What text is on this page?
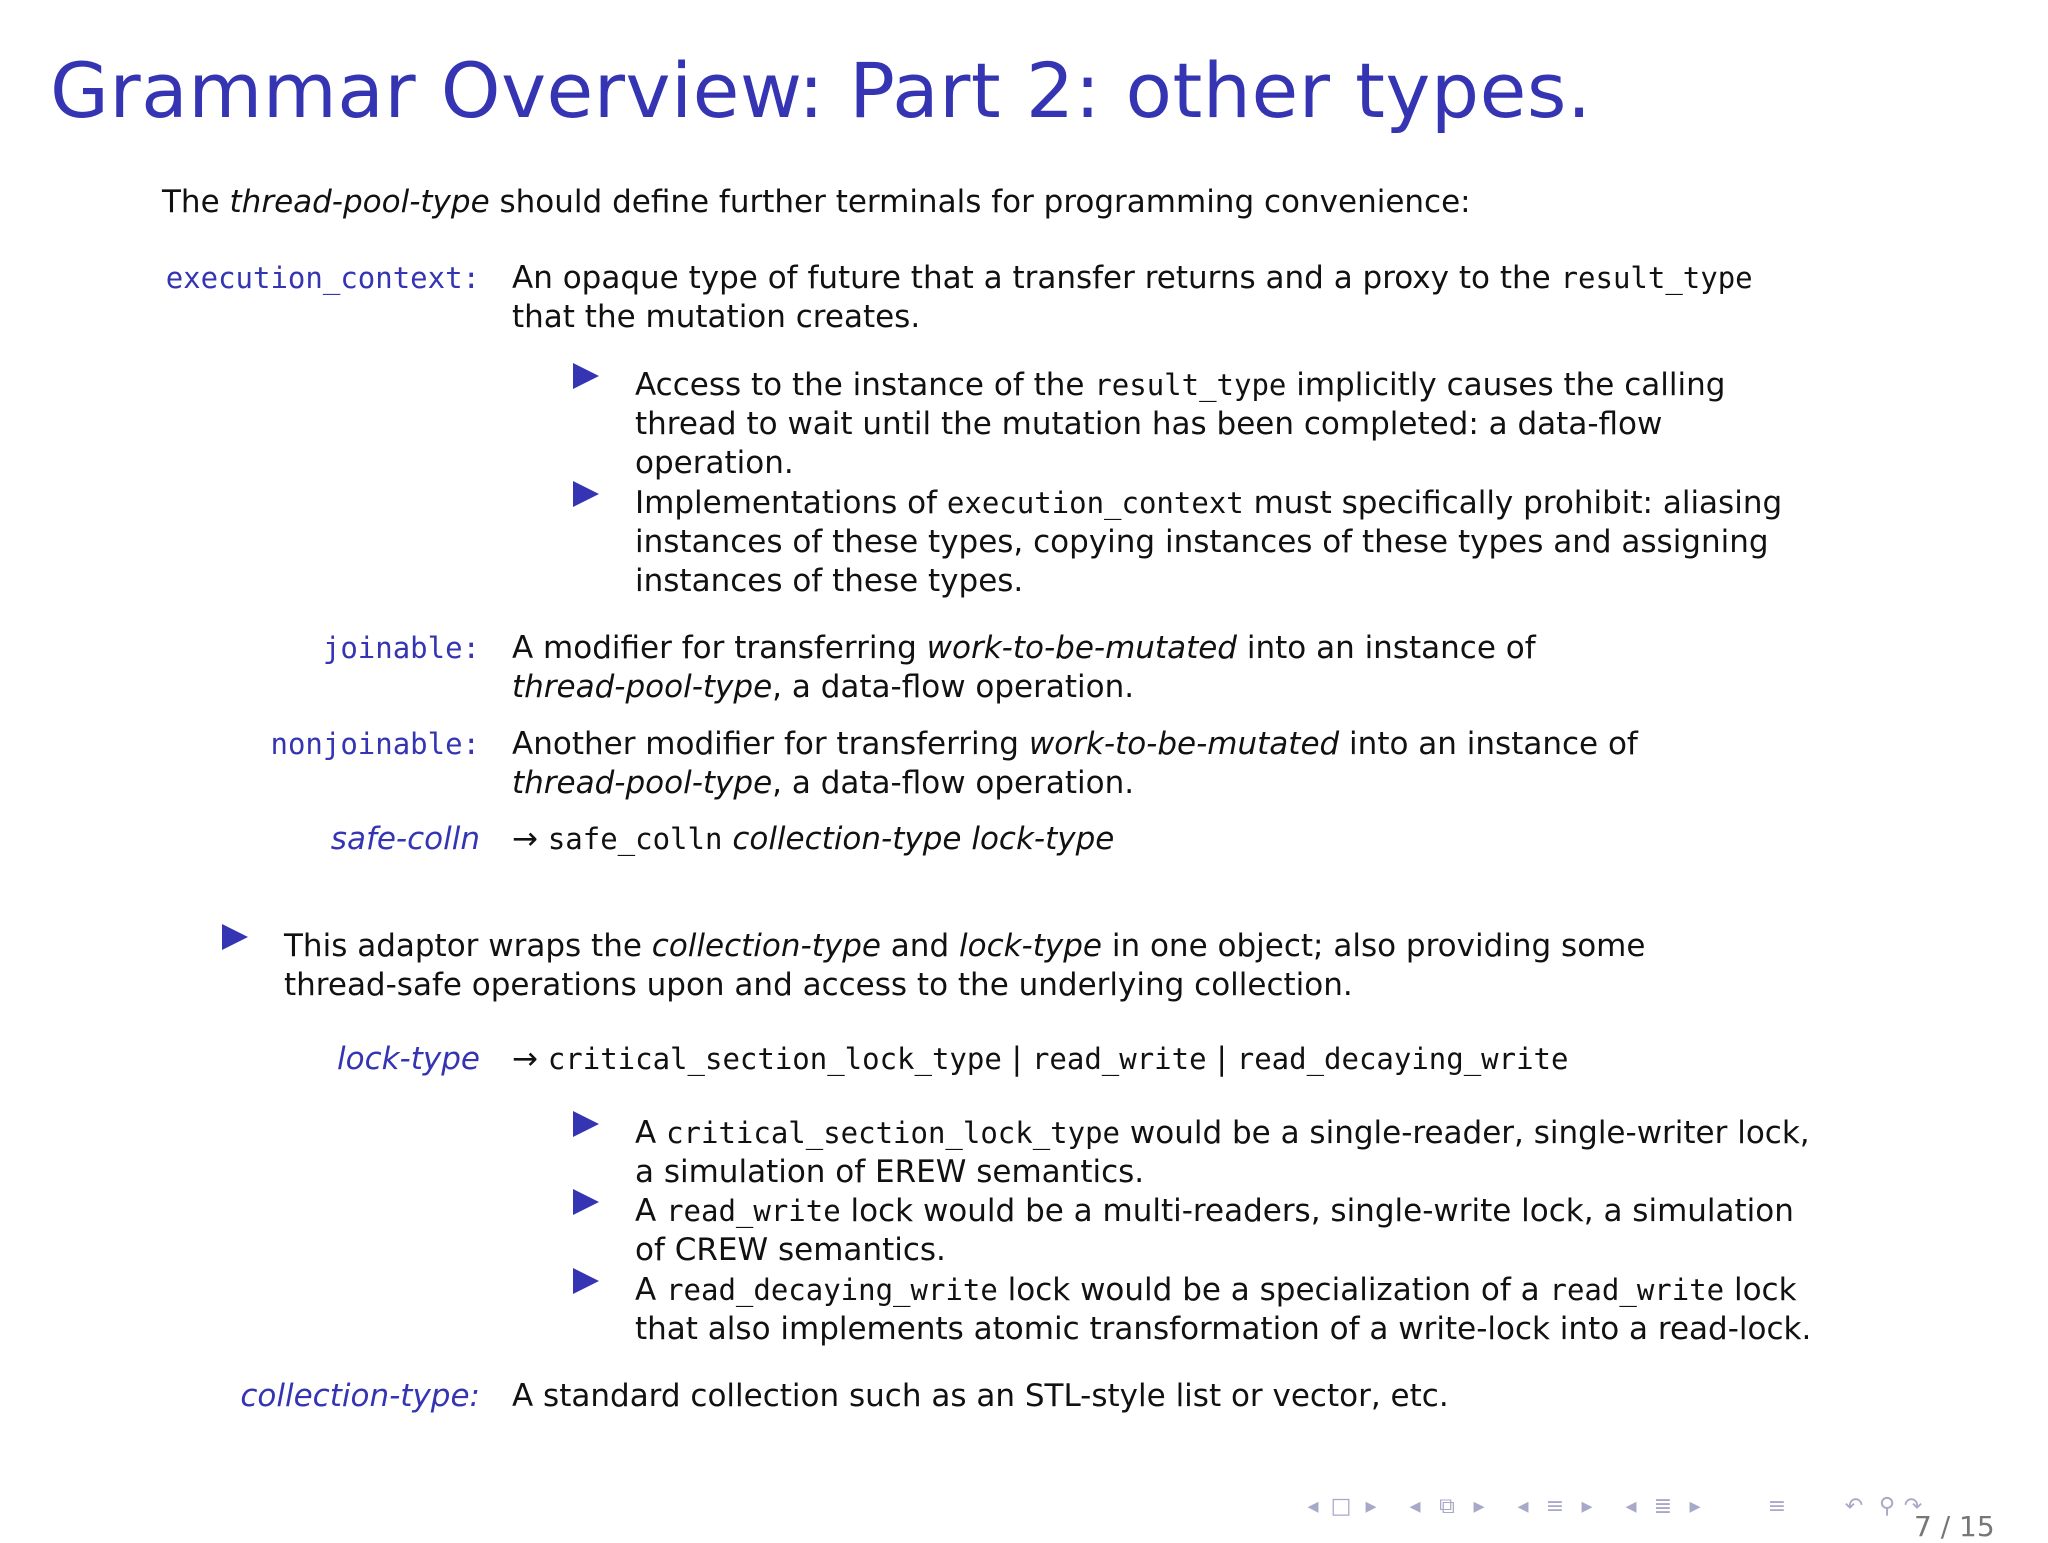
Grammar Overview: Part 2: other types.
The thread-pool-type should define further terminals for programming convenience:
execution_context: An opaque type of future that a transfer returns and a proxy to the result_type
that the mutation creates.
Access to the instance of the result_type implicitly causes the calling
thread to wait until the mutation has been completed: a data-flow
operation.
Implementations of execution_context must specifically prohibit: aliasing
instances of these types, copying instances of these types and assigning
instances of these types.
joinable: A modifier for transferring work-to-be-mutated into an instance of
thread-pool-type, a data-flow operation.
nonjoinable: Another modifier for transferring work-to-be-mutated into an instance of
thread-pool-type, a data-flow operation.
safe-colln → safe_colln collection-type lock-type
This adaptor wraps the collection-type and lock-type in one object; also providing some
thread-safe operations upon and access to the underlying collection.
lock-type → critical_section_lock_type | read_write | read_decaying_write
A critical_section_lock_type would be a single-reader, single-writer lock,
a simulation of EREW semantics.
A read_write lock would be a multi-readers, single-write lock, a simulation
of CREW semantics.
A read_decaying_write lock would be a specialization of a read_write lock
that also implements atomic transformation of a write-lock into a read-lock.
collection-type: A standard collection such as an STL-style list or vector, etc.
◂ □ ▸	◂ ⧉ ▸	◂ ≡ ▸	◂ ≣ ▸	≡	↶ ⚲ ↷
7 / 15
